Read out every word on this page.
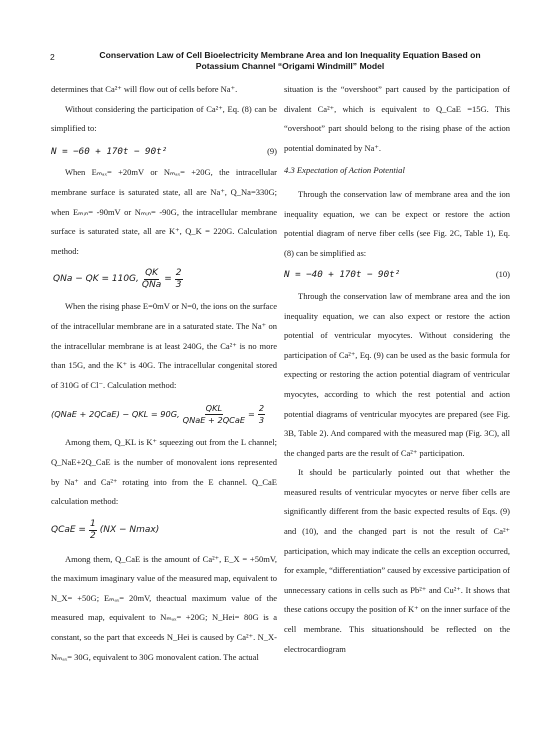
2	Conservation Law of Cell Bioelectricity Membrane Area and Ion Inequality Equation Based on
Potassium Channel “Origami Windmill” Model

determines that Ca²⁺ will flow out of cells before Na⁺.

Without considering the participation of Ca²⁺, Eq. (8) can be simplified to:

N = −60 + 170t − 90t²	(9)

When Eₘₐₓ= +20mV or Nₘₐₓ= +20G, the intracellular membrane surface is saturated state, all are Na⁺, Q_Na=330G; when Eₘᵢₙ= -90mV or Nₘᵢₙ= -90G, the intracellular membrane surface is saturated state, all are K⁺, Q_K = 220G. Calculation method:

Q Na − Q K = 110G, $\frac{QK}{\text{QNa}} = \frac{2}{3}$

When the rising phase E=0mV or N=0, the ions on the surface of the intracellular membrane are in a saturated state. The Na⁺ on the intracellular membrane is at least 240G, the Ca²⁺ is no more than 15G, and the K⁺ is 40G. The intracellular congenital stored of 310G of Cl⁻. Calculation method:

(QNaE + 2QCaE) − QKL = 90G, $\frac{\text{QKL}}{\text{QNaE + 2QCaE}} = \frac{2}{3}$

Among them, Q_KL is K⁺ squeezing out from the L channel; Q_NaE+2Q_CaE is the number of monovalent ions represented by Na⁺ and Ca²⁺ rotating into from the E channel. Q_CaE calculation method:

QCaE = $\frac{1}{2} (NX - Nmax)$

Among them, Q_CaE is the amount of Ca²⁺, E_X = +50mV, the maximum imaginary value of the measured map, equivalent to N_X= +50G; Eₘₐₓ= 20mV, theactual maximum value of the measured map, equivalent to Nₘₐₓ= +20G; N_Hei= 80G is a constant, so the part that exceeds N_Hei is caused by Ca²⁺. N_X-Nₘₐₓ= 30G, equivalent to 30G monovalent cation. The actual

situation is the “overshoot” part caused by the participation of divalent Ca²⁺, which is equivalent to Q_CaE =15G. This “overshoot” part should belong to the rising phase of the action potential dominated by Na⁺.

4.3 Expectation of Action Potential

Through the conservation law of membrane area and the ion inequality equation, we can be expect or restore the action potential diagram of nerve fiber cells (see Fig. 2C, Table 1), Eq. (8) can be simplified as:

N = −40 + 170t − 90t²	(10)

Through the conservation law of membrane area and the ion inequality equation, we can also expect or restore the action potential of ventricular myocytes. Without considering the participation of Ca²⁺, Eq. (9) can be used as the basic formula for expecting or restoring the action potential diagram of ventricular myocytes, according to which the rest potential and action potential diagrams of ventricular myocytes are prepared (see Fig. 3B, Table 2). And compared with the measured map (Fig. 3C), all the changed parts are the result of Ca²⁺ participation.

It should be particularly pointed out that whether the measured results of ventricular myocytes or nerve fiber cells are significantly different from the basic expected results of Eqs. (9) and (10), and the changed part is not the result of Ca²⁺ participation, which may indicate the cells an exception occurred, for example, “differentiation” caused by excessive participation of unnecessary cations in cells such as Pb²⁺ and Cu²⁺. It shows that these cations occupy the position of K⁺ on the inner surface of the cell membrane. This situationshould be reflected on the electrocardiogram
